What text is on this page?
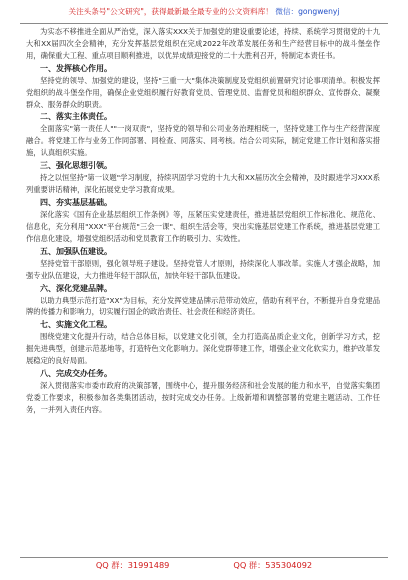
关注头条号"公文研究"，获得最新最全最专业的公文资料库！ 微信：gongwenyj

为实态不移推进全面从严治党，深入落实XXX关于加强党的建设重要论述，持续、系统学习贯彻党的十九大和XX届四次全会精神，充分发挥基层党组织在完成2022年改革发展任务和生产经营目标中的战斗堡垒作用，确保重大工程、重点项目顺利推进，以优异成绩迎接党的二十大胜利召开，特制定本责任书。

一、发挥核心作用。

坚持党的领导、加强党的建设，坚持"三重一大"集体决策制度及党组织前置研究讨论事项清单。积极发挥党组织的战斗堡垒作用，确保企业党组织履行好教育党员、管理党员、监督党员和组织群众、宣传群众、凝聚群众、服务群众的职责。

二、落实主体责任。

全面落实"第一责任人""一岗双责"，坚持党的领导和公司业务治理相统一，坚持党建工作与生产经营深度融合。将党建工作与业务工作同部署、同检查、同落实、同考核。结合公司实际，制定党建工作计划和落实措施，认真组织实施。

三、强化思想引领。

持之以恒坚持"第一议题"学习制度，持续巩固学习党的十九大和XX届历次全会精神，及时跟进学习XXX系列重要讲话精神，深化拓展党史学习教育成果。

四、夯实基层基础。

深化落实《国有企业基层组织工作条例》等，压紧压实党建责任，推进基层党组织工作标准化、规范化、信息化，充分利用"XXX"平台规范"三会一课"、组织生活会等，突出实施基层党建工作系统，推进基层党建工作信息化建设，增强党组织活动和党员教育工作的吸引力、实效性。

五、加强队伍建设。

坚持党管干部原则，强化领导班子建设。坚持党管人才原则，持续深化人事改革。实施人才强企战略，加强专业队伍建设，大力推进年轻干部队伍，加快年轻干部队伍建设。

六、深化党建品牌。

以助力典型示范打造"XX"为目标，充分发挥党建品牌示范带动效应，借助有利平台，不断提升自身党建品牌的传播力和影响力，切实履行国企的政治责任、社会责任和经济责任。

七、实施文化工程。

围绕党建文化提升行动，结合总体目标，以党建文化引领，全力打造高品质企业文化，创新学习方式，挖掘先进典型，创建示范基地等，打造特色文化影响力。深化党群带建工作，增强企业文化软实力，维护改革发展稳定的良好局面。

八、完成交办任务。

深入贯彻落实市委市政府的决策部署，围绕中心，提升服务经济和社会发展的能力和水平，自觉落实集团党委工作要求，积极参加各类集团活动，按时完成交办任务。上级新增和调整部署的党建主题活动、工作任务，一并列入责任内容。

QQ 群：31991489	QQ 群：535304092
